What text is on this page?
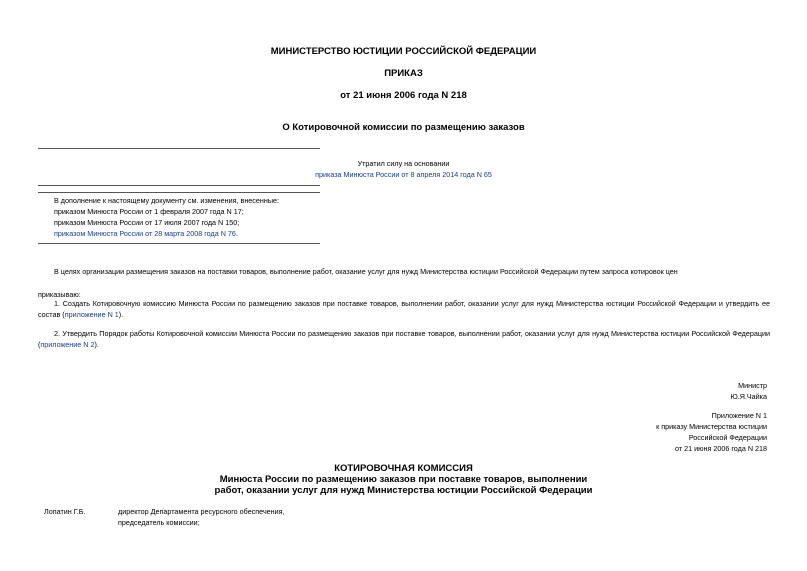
МИНИСТЕРСТВО ЮСТИЦИИ РОССИЙСКОЙ ФЕДЕРАЦИИ
ПРИКАЗ
от 21 июня 2006 года N 218
О Котировочной комиссии по размещению заказов
Утратил силу на основании
приказа Минюста России от 8 апреля 2014 года N 65
В дополнение к настоящему документу см. изменения, внесенные:
приказом Минюста России от 1 февраля 2007 года N 17;
приказом Минюста России от 17 июля 2007 года N 150;
приказом Минюста России от 28 марта 2008 года N 76.
В целях организации размещения заказов на поставки товаров, выполнение работ, оказание услуг для нужд Министерства юстиции Российской Федерации путем запроса котировок цен
приказываю:
1. Создать Котировочную комиссию Минюста России по размещению заказов при поставке товаров, выполнении работ, оказании услуг для нужд Министерства юстиции Российской Федерации и утвердить ее состав (приложение N 1).
2. Утвердить Порядок работы Котировочной комиссии Минюста России по размещению заказов при поставке товаров, выполнении работ, оказании услуг для нужд Министерства юстиции Российской Федерации (приложение N 2).
Министр
Ю.Я.Чайка
Приложение N 1
к приказу Министерства юстиции
Российской Федерации
от 21 июня 2006 года N 218
КОТИРОВОЧНАЯ КОМИССИЯ
Минюста России по размещению заказов при поставке товаров, выполнении
работ, оказании услуг для нужд Министерства юстиции Российской Федерации
Лопатин Г.Б.	директор Департамента ресурсного обеспечения, председатель комиссии;
